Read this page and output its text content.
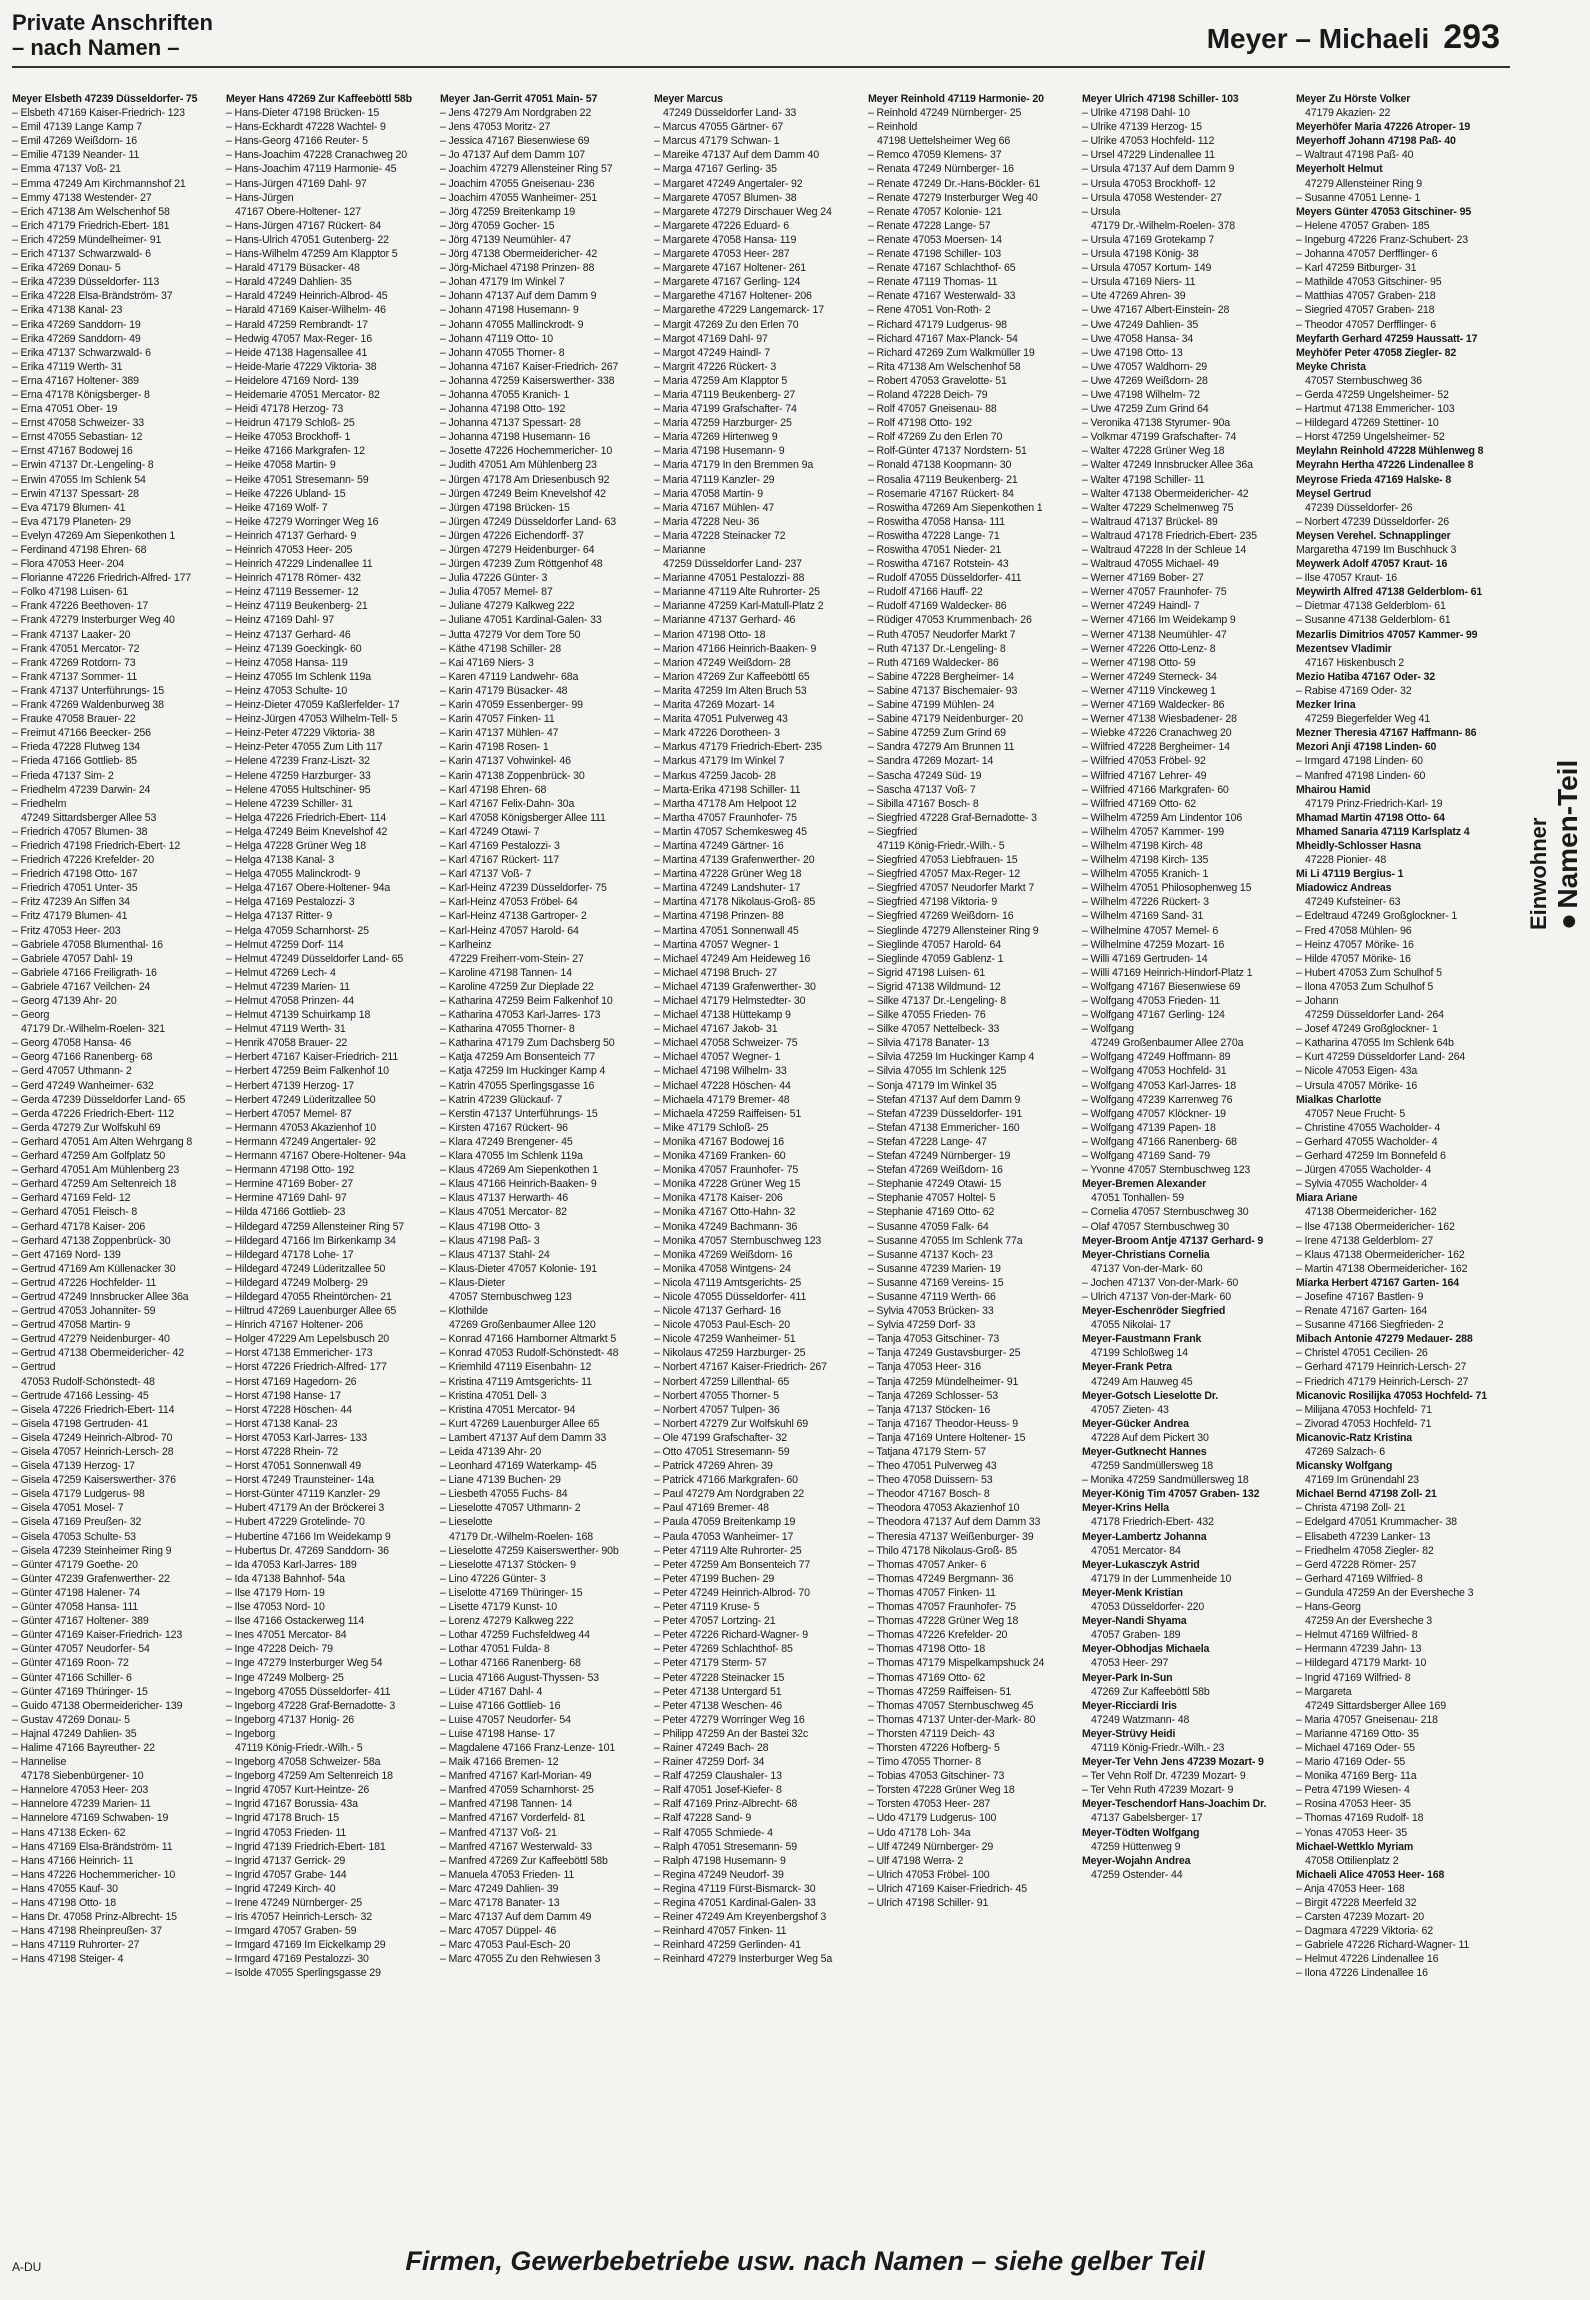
Private Anschriften
– nach Namen –	Meyer – Michaeli 293
Meyer Elsbeth 47239 Düsseldorfer- 75
– Elsbeth 47169 Kaiser-Friedrich- 123
– Emil 47139 Lange Kamp 7
– Emil 47269 Weißdorn- 16
– Emilie 47139 Neander- 11
– Emma 47137 Voß- 21
– Emma 47249 Am Kirchmannshof 21
– Emmy 47138 Westender- 27
– Erich 47138 Am Welschenhof 58
– Erich 47179 Friedrich-Ebert- 181
– Erich 47259 Mündelheimer- 91
– Erich 47137 Schwarzwald- 6
– Erika 47269 Donau- 5
– Erika 47239 Düsseldorfer- 113
– Erika 47228 Elsa-Brändström- 37
– Erika 47138 Kanal- 23
– Erika 47269 Sanddorn- 19
– Erika 47269 Sanddorn- 49
– Erika 47137 Schwarzwald- 6
– Erika 47119 Werth- 31
– Erna 47167 Holtener- 389
– Erna 47178 Königsberger- 8
– Erna 47051 Ober- 19
– Ernst 47058 Schweizer- 33
– Ernst 47055 Sebastian- 12
– Ernst 47167 Bodowej 16
– Erwin 47137 Dr.-Lengeling- 8
– Erwin 47055 Im Schlenk 54
– Erwin 47137 Spessart- 28
– Eva 47179 Blumen- 41
– Eva 47179 Planeten- 29
– Evelyn 47269 Am Siepenkothen 1
– Ferdinand 47198 Ehren- 68
– Flora 47053 Heer- 204
– Florianne 47226 Friedrich-Alfred- 177
– Folko 47198 Luisen- 61
– Frank 47226 Beethoven- 17
– Frank 47279 Insterburger Weg 40
– Frank 47137 Laaker- 20
– Frank 47051 Mercator- 72
– Frank 47269 Rotdorn- 73
– Frank 47137 Sommer- 11
– Frank 47137 Unterführungs- 15
– Frank 47269 Waldenburweg 38
– Frauke 47058 Brauer- 22
– Freimut 47166 Beecker- 256
– Frieda 47228 Flutweg 134
– Frieda 47166 Gottlieb- 85
– Frieda 47137 Sim- 2
– Friedhelm 47239 Darwin- 24
– Friedhelm
47249 Sittardsberger Allee 53
– Friedrich 47057 Blumen- 38
– Friedrich 47198 Friedrich-Ebert- 12
– Friedrich 47226 Krefelder- 20
– Friedrich 47198 Otto- 167
– Friedrich 47051 Unter- 35
– Fritz 47239 An Siffen 34
– Fritz 47179 Blumen- 41
– Fritz 47053 Heer- 203
– Gabriele 47058 Blumenthal- 16
– Gabriele 47057 Dahl- 19
– Gabriele 47166 Freiligrath- 16
– Gabriele 47167 Veilchen- 24
– Georg 47139 Ahr- 20
– Georg
47179 Dr.-Wilhelm-Roelen- 321
– Georg 47058 Hansa- 46
– Georg 47166 Ranenberg- 68
– Gerd 47057 Uthmann- 2
– Gerd 47249 Wanheimer- 632
– Gerda 47239 Düsseldorfer Land- 65
– Gerda 47226 Friedrich-Ebert- 112
– Gerda 47279 Zur Wolfskuhl 69
– Gerhard 47051 Am Alten Wehrgang 8
– Gerhard 47259 Am Golfplatz 50
– Gerhard 47051 Am Mühlenberg 23
– Gerhard 47259 Am Seltenreich 18
– Gerhard 47169 Feld- 12
– Gerhard 47051 Fleisch- 8
– Gerhard 47178 Kaiser- 206
– Gerhard 47138 Zoppenbrück- 30
– Gert 47169 Nord- 139
– Gertrud 47169 Am Küllenacker 30
– Gertrud 47226 Hochfelder- 11
– Gertrud 47249 Innsbrucker Allee 36a
– Gertrud 47053 Johanniter- 59
– Gertrud 47058 Martin- 9
– Gertrud 47279 Neidenburger- 40
– Gertrud 47138 Obermeidericher- 42
– Gertrud
47053 Rudolf-Schönstedt- 48
– Gertrude 47166 Lessing- 45
– Gisela 47226 Friedrich-Ebert- 114
– Gisela 47198 Gertruden- 41
– Gisela 47249 Heinrich-Albrod- 70
– Gisela 47057 Heinrich-Lersch- 28
– Gisela 47139 Herzog- 17
– Gisela 47259 Kaiserswerther- 376
– Gisela 47179 Ludgerus- 98
– Gisela 47051 Mosel- 7
– Gisela 47169 Preußen- 32
– Gisela 47053 Schulte- 53
– Gisela 47239 Steinheimer Ring 9
– Günter 47179 Goethe- 20
– Günter 47239 Grafenwerther- 22
– Günter 47198 Halener- 74
– Günter 47058 Hansa- 111
– Günter 47167 Holtener- 389
– Günter 47169 Kaiser-Friedrich- 123
– Günter 47057 Neudorfer- 54
– Günter 47169 Roon- 72
– Günter 47166 Schiller- 6
– Günter 47169 Thüringer- 15
– Guido 47138 Obermeidericher- 139
– Gustav 47269 Donau- 5
– Hajnal 47249 Dahlien- 35
– Halime 47166 Bayreuther- 22
– Hannelise
47178 Siebenbürgener- 10
– Hannelore 47053 Heer- 203
– Hannelore 47239 Marien- 11
– Hannelore 47169 Schwaben- 19
– Hans 47138 Ecken- 62
– Hans 47169 Elsa-Brändström- 11
– Hans 47166 Heinrich- 11
– Hans 47226 Hochemmericher- 10
– Hans 47055 Kauf- 30
– Hans 47198 Otto- 18
– Hans Dr. 47058 Prinz-Albrecht- 15
– Hans 47198 Rheinpreußen- 37
– Hans 47119 Ruhrorter- 27
– Hans 47198 Steiger- 4
Meyer Hans 47269 Zur Kaffeeböttl 58b
– Hans-Dieter 47198 Brücken- 15
– Hans-Eckhardt 47228 Wachtel- 9
– Hans-Georg 47166 Reuter- 5
– Hans-Joachim 47228 Cranachweg 20
– Hans-Joachim 47119 Harmonie- 45
– Hans-Jürgen 47169 Dahl- 97
– Hans-Jürgen
47167 Obere-Holtener- 127
– Hans-Jürgen 47167 Rückert- 84
– Hans-Ulrich 47051 Gutenberg- 22
– Hans-Wilhelm 47259 Am Klapptor 5
– Harald 47179 Büsacker- 48
– Harald 47249 Dahlien- 35
– Harald 47249 Heinrich-Albrod- 45
– Harald 47169 Kaiser-Wilhelm- 46
– Harald 47259 Rembrandt- 17
– Hedwig 47057 Max-Reger- 16
– Heide 47138 Hagensallee 41
– Heide-Marie 47229 Viktoria- 38
– Heidelore 47169 Nord- 139
– Heidemarie 47051 Mercator- 82
– Heidi 47178 Herzog- 73
– Heidrun 47179 Schloß- 25
– Heike 47053 Brockhoff- 1
– Heike 47166 Markgrafen- 12
– Heike 47058 Martin- 9
– Heike 47051 Stresemann- 59
– Heike 47226 Ubland- 15
– Heike 47169 Wolf- 7
– Heike 47279 Worringer Weg 16
– Heinrich 47137 Gerhard- 9
– Heinrich 47053 Heer- 205
– Heinrich 47229 Lindenallee 11
– Heinrich 47178 Römer- 432
– Heinz 47119 Bessemer- 12
– Heinz 47119 Beukenberg- 21
– Heinz 47169 Dahl- 97
– Heinz 47137 Gerhard- 46
– Heinz 47139 Goeckingk- 60
– Heinz 47058 Hansa- 119
– Heinz 47055 Im Schlenk 119a
– Heinz 47053 Schulte- 10
– Heinz-Dieter 47059 Kaßlerfelder- 17
– Heinz-Jürgen 47053 Wilhelm-Tell- 5
– Heinz-Peter 47229 Viktoria- 38
– Heinz-Peter 47055 Zum Lith 117
– Helene 47239 Franz-Liszt- 32
– Helene 47259 Harzburger- 33
– Helene 47055 Hultschiner- 95
– Helene 47239 Schiller- 31
– Helga 47226 Friedrich-Ebert- 114
– Helga 47249 Beim Knevelshof 42
– Helga 47228 Grüner Weg 18
– Helga 47138 Kanal- 3
– Helga 47055 Malinckrodt- 9
– Helga 47167 Obere-Holtener- 94a
– Helga 47169 Pestalozzi- 3
– Helga 47137 Ritter- 9
– Helga 47059 Scharnhorst- 25
– Helmut 47259 Dorf- 114
– Helmut 47249 Düsseldorfer Land- 65
– Helmut 47269 Lech- 4
– Helmut 47239 Marien- 11
– Helmut 47058 Prinzen- 44
– Helmut 47139 Schuirkamp 18
– Helmut 47119 Werth- 31
– Henrik 47058 Brauer- 22
– Herbert 47167 Kaiser-Friedrich- 211
– Herbert 47259 Beim Falkenhof 10
– Herbert 47139 Herzog- 17
– Herbert 47249 Lüderitzallee 50
– Herbert 47057 Memel- 87
– Hermann 47053 Akazienhof 10
– Hermann 47249 Angertaler- 92
– Hermann 47167 Obere-Holtener- 94a
– Hermann 47198 Otto- 192
– Hermine 47169 Bober- 27
– Hermine 47169 Dahl- 97
– Hilda 47166 Gottlieb- 23
– Hildegard 47259 Allensteiner Ring 57
– Hildegard 47166 Im Birkenkamp 34
– Hildegard 47178 Lohe- 17
– Hildegard 47249 Lüderitzallee 50
– Hildegard 47249 Molberg- 29
– Hildegard 47055 Rheintörchen- 21
– Hiltrud 47269 Lauenburger Allee 65
– Hinrich 47167 Holtener- 206
– Holger 47229 Am Lepelsbusch 20
– Horst 47138 Emmericher- 173
– Horst 47226 Friedrich-Alfred- 177
– Horst 47169 Hagedorn- 26
– Horst 47198 Hanse- 17
– Horst 47228 Höschen- 44
– Horst 47138 Kanal- 23
– Horst 47053 Karl-Jarres- 133
– Horst 47228 Rhein- 72
– Horst 47051 Sonnenwall 49
– Horst 47249 Traunsteiner- 14a
– Horst-Günter 47119 Kanzler- 29
– Hubert 47179 An der Bröckerei 3
– Hubert 47229 Grotelinde- 70
– Hubertine 47166 Im Weidekamp 9
– Hubertus Dr. 47269 Sanddorn- 36
– Ida 47053 Karl-Jarres- 189
– Ida 47138 Bahnhof- 54a
– Ilse 47179 Horn- 19
– Ilse 47053 Nord- 10
– Ilse 47166 Ostackerweg 114
– Ines 47051 Mercator- 84
– Inge 47228 Deich- 79
– Inge 47279 Insterburger Weg 54
– Inge 47249 Molberg- 25
– Ingeborg 47055 Düsseldorfer- 411
– Ingeborg 47228 Graf-Bernadotte- 3
– Ingeborg 47137 Honig- 26
– Ingeborg
47119 König-Friedr.-Wilh.- 5
– Ingeborg 47058 Schweizer- 58a
– Ingeborg 47259 Am Seltenreich 18
– Ingrid 47057 Kurt-Heintze- 26
– Ingrid 47167 Borussia- 43a
– Ingrid 47178 Bruch- 15
– Ingrid 47053 Frieden- 11
– Ingrid 47139 Friedrich-Ebert- 181
– Ingrid 47137 Gerrick- 29
– Ingrid 47057 Grabe- 144
– Ingrid 47249 Kirch- 40
– Irene 47249 Nürnberger- 25
– Iris 47057 Heinrich-Lersch- 32
– Irmgard 47057 Graben- 59
– Irmgard 47169 Im Eickelkamp 29
– Irmgard 47169 Pestalozzi- 30
– Isolde 47055 Sperlingsgasse 29
Meyer Jan-Gerrit 47051 Main- 57
– Jens 47279 Am Nordgraben 22
– Jens 47053 Moritz- 27
– Jessica 47167 Biesenwiese 69
– Jo 47137 Auf dem Damm 107
– Joachim 47279 Allensteiner Ring 57
– Joachim 47055 Gneisenau- 236
– Joachim 47055 Wanheimer- 251
– Jörg 47259 Breitenkamp 19
– Jörg 47059 Gocher- 15
– Jörg 47139 Neumühler- 47
– Jörg 47138 Obermeidericher- 42
– Jörg-Michael 47198 Prinzen- 88
– Johan 47179 Im Winkel 7
– Johann 47137 Auf dem Damm 9
– Johann 47198 Husemann- 9
– Johann 47055 Mallinckrodt- 9
– Johann 47119 Otto- 10
– Johann 47055 Thorner- 8
– Johanna 47167 Kaiser-Friedrich- 267
– Johanna 47259 Kaiserswerther- 338
– Johanna 47055 Kranich- 1
– Johanna 47198 Otto- 192
– Johanna 47137 Spessart- 28
– Johanna 47198 Husemann- 16
– Josette 47226 Hochemmericher- 10
– Judith 47051 Am Mühlenberg 23
– Jürgen 47178 Am Driesenbusch 92
– Jürgen 47249 Beim Knevelshof 42
– Jürgen 47198 Brücken- 15
– Jürgen 47249 Düsseldorfer Land- 63
– Jürgen 47226 Eichendorff- 37
– Jürgen 47279 Heidenburger- 64
– Jürgen 47239 Zum Röttgenhof 48
– Julia 47226 Günter- 3
– Julia 47057 Memel- 87
– Juliane 47279 Kalkweg 222
– Juliane 47051 Kardinal-Galen- 33
– Jutta 47279 Vor dem Tore 50
– Käthe 47198 Schiller- 28
– Kai 47169 Niers- 3
– Karen 47119 Landwehr- 68a
– Karin 47179 Büsacker- 48
– Karin 47059 Essenberger- 99
– Karin 47057 Finken- 11
– Karin 47137 Mühlen- 47
– Karin 47198 Rosen- 1
– Karin 47137 Vohwinkel- 46
– Karin 47138 Zoppenbrück- 30
– Karl 47198 Ehren- 68
– Karl 47167 Felix-Dahn- 30a
– Karl 47058 Königsberger Allee 111
– Karl 47249 Otawi- 7
– Karl 47169 Pestalozzi- 3
– Karl 47167 Rückert- 117
– Karl 47137 Voß- 7
– Karl-Heinz 47239 Düsseldorfer- 75
– Karl-Heinz 47053 Fröbel- 64
– Karl-Heinz 47138 Gartroper- 2
– Karl-Heinz 47057 Harold- 64
– Karlheinz
47229 Freiherr-vom-Stein- 27
– Karoline 47198 Tannen- 14
– Karoline 47259 Zur Dieplade 22
– Katharina 47259 Beim Falkenhof 10
– Katharina 47053 Karl-Jarres- 173
– Katharina 47055 Thorner- 8
– Katharina 47179 Zum Dachsberg 50
– Katja 47259 Am Bonsenteich 77
– Katja 47259 Im Huckinger Kamp 4
– Katrin 47055 Sperlingsgasse 16
– Katrin 47239 Glückauf- 7
– Kerstin 47137 Unterführungs- 15
– Kirsten 47167 Rückert- 96
– Klara 47249 Brengener- 45
– Klara 47055 Im Schlenk 119a
– Klaus 47269 Am Siepenkothen 1
– Klaus 47166 Heinrich-Baaken- 9
– Klaus 47137 Herwarth- 46
– Klaus 47051 Mercator- 82
– Klaus 47198 Otto- 3
– Klaus 47198 Paß- 3
– Klaus 47137 Stahl- 24
– Klaus-Dieter 47057 Kolonie- 191
– Klaus-Dieter
47057 Sternbuschweg 123
– Klothilde
47269 Großenbaumer Allee 120
– Konrad 47166 Hamborner Altmarkt 5
– Konrad 47053 Rudolf-Schönstedt- 48
– Kriemhild 47119 Eisenbahn- 12
– Kristina 47119 Amtsgerichts- 11
– Kristina 47051 Dell- 3
– Kristina 47051 Mercator- 94
– Kurt 47269 Lauenburger Allee 65
– Lambert 47137 Auf dem Damm 33
– Leida 47139 Ahr- 20
– Leonhard 47169 Waterkamp- 45
– Liane 47139 Buchen- 29
– Liesbeth 47055 Fuchs- 84
– Lieselotte 47057 Uthmann- 2
– Lieselotte
47179 Dr.-Wilhelm-Roelen- 168
– Lieselotte 47259 Kaiserswerther- 90b
– Lieselotte 47137 Stöcken- 9
– Lino 47226 Günter- 3
– Liselotte 47169 Thüringer- 15
– Lisette 47179 Kunst- 10
– Lorenz 47279 Kalkweg 222
– Lothar 47259 Fuchsfeldweg 44
– Lothar 47051 Fulda- 8
– Lothar 47166 Ranenberg- 68
– Lucia 47166 August-Thyssen- 53
– Lüder 47167 Dahl- 4
– Luise 47166 Gottlieb- 16
– Luise 47057 Neudorfer- 54
– Luise 47198 Hanse- 17
– Magdalene 47166 Franz-Lenze- 101
– Maik 47166 Bremen- 12
– Manfred 47167 Karl-Morian- 49
– Manfred 47059 Scharnhorst- 25
– Manfred 47198 Tannen- 14
– Manfred 47167 Vorderfeld- 81
– Manfred 47137 Voß- 21
– Manfred 47167 Westerwald- 33
– Manfred 47269 Zur Kaffeeböttl 58b
– Manuela 47053 Frieden- 11
– Marc 47249 Dahlien- 39
– Marc 47178 Banater- 13
– Marc 47137 Auf dem Damm 49
– Marc 47057 Düppel- 46
– Marc 47053 Paul-Esch- 20
– Marc 47055 Zu den Rehwiesen 3
Meyer Marcus
47249 Düsseldorfer Land- 33
– Marcus 47055 Gärtner- 67
– Marcus 47179 Schwan- 1
– Mareike 47137 Auf dem Damm 40
– Marga 47167 Gerling- 35
– Margaret 47249 Angertaler- 92
– Margarete 47057 Blumen- 38
– Margarete 47279 Dirschauer Weg 24
– Margarete 47226 Eduard- 6
– Margarete 47058 Hansa- 119
– Margarete 47053 Heer- 287
– Margarete 47167 Holtener- 261
– Margarete 47167 Gerling- 124
– Margarethe 47167 Holtener- 206
– Margarethe 47229 Langemarck- 17
– Margit 47269 Zu den Erlen 70
– Margot 47169 Dahl- 97
– Margot 47249 Haindl- 7
– Margrit 47226 Rückert- 3
– Maria 47259 Am Klapptor 5
– Maria 47119 Beukenberg- 27
– Maria 47199 Grafschafter- 74
– Maria 47259 Harzburger- 25
– Maria 47269 Hirtenweg 9
– Maria 47198 Husemann- 9
– Maria 47179 In den Bremmen 9a
– Maria 47119 Kanzler- 29
– Maria 47058 Martin- 9
– Maria 47167 Mühlen- 47
– Maria 47228 Neu- 36
– Maria 47228 Steinacker 72
– Marianne
47259 Düsseldorfer Land- 237
– Marianne 47051 Pestalozzi- 88
– Marianne 47119 Alte Ruhrorter- 25
– Marianne 47259 Karl-Matull-Platz 2
– Marianne 47137 Gerhard- 46
– Marion 47198 Otto- 18
– Marion 47166 Heinrich-Baaken- 9
– Marion 47249 Weißdorn- 28
– Marion 47269 Zur Kaffeeböttl 65
– Marita 47259 Im Alten Bruch 53
– Marita 47269 Mozart- 14
– Marita 47051 Pulverweg 43
– Mark 47226 Dorotheen- 3
– Markus 47179 Friedrich-Ebert- 235
– Markus 47179 Im Winkel 7
– Markus 47259 Jacob- 28
– Marta-Erika 47198 Schiller- 11
– Martha 47178 Am Helpoot 12
– Martha 47057 Fraunhofer- 75
– Martin 47057 Schemkesweg 45
– Martina 47249 Gärtner- 16
– Martina 47139 Grafenwerther- 20
– Martina 47228 Grüner Weg 18
– Martina 47249 Landshuter- 17
– Martina 47178 Nikolaus-Groß- 85
– Martina 47198 Prinzen- 88
– Martina 47051 Sonnenwall 45
– Martina 47057 Wegner- 1
– Michael 47249 Am Heideweg 16
– Michael 47198 Bruch- 27
– Michael 47139 Grafenwerther- 30
– Michael 47179 Helmstedter- 30
– Michael 47138 Hüttekamp 9
– Michael 47167 Jakob- 31
– Michael 47058 Schweizer- 75
– Michael 47057 Wegner- 1
– Michael 47198 Wilhelm- 33
– Michael 47228 Höschen- 44
– Michaela 47179 Bremer- 48
– Michaela 47259 Raiffeisen- 51
– Mike 47179 Schloß- 25
– Monika 47167 Bodowej 16
– Monika 47169 Franken- 60
– Monika 47057 Fraunhofer- 75
– Monika 47228 Grüner Weg 15
– Monika 47178 Kaiser- 206
– Monika 47167 Otto-Hahn- 32
– Monika 47249 Bachmann- 36
– Monika 47057 Sternbuschweg 123
– Monika 47269 Weißdorn- 16
– Monika 47058 Wintgens- 24
– Nicola 47119 Amtsgerichts- 25
– Nicole 47055 Düsseldorfer- 411
– Nicole 47137 Gerhard- 16
– Nicole 47053 Paul-Esch- 20
– Nicole 47259 Wanheimer- 51
– Nikolaus 47259 Harzburger- 25
– Norbert 47167 Kaiser-Friedrich- 267
– Norbert 47259 Lillenthal- 65
– Norbert 47055 Thorner- 5
– Norbert 47057 Tulpen- 36
– Norbert 47279 Zur Wolfskuhl 69
– Ole 47199 Grafschafter- 32
– Otto 47051 Stresemann- 59
– Patrick 47269 Ahren- 39
– Patrick 47166 Markgrafen- 60
– Paul 47279 Am Nordgraben 22
– Paul 47169 Bremer- 48
– Paula 47059 Breitenkamp 19
– Paula 47053 Wanheimer- 17
– Peter 47119 Alte Ruhrorter- 25
– Peter 47259 Am Bonsenteich 77
– Peter 47199 Buchen- 29
– Peter 47249 Heinrich-Albrod- 70
– Peter 47119 Kruse- 5
– Peter 47057 Lortzing- 21
– Peter 47226 Richard-Wagner- 9
– Peter 47269 Schlachthof- 85
– Peter 47179 Sterm- 57
– Peter 47228 Steinacker 15
– Peter 47138 Untergard 51
– Peter 47138 Weschen- 46
– Peter 47279 Worringer Weg 16
– Philipp 47259 An der Bastei 32c
– Rainer 47249 Bach- 28
– Rainer 47259 Dorf- 34
– Ralf 47259 Claushaler- 13
– Ralf 47051 Josef-Kiefer- 8
– Ralf 47169 Prinz-Albrecht- 68
– Ralf 47228 Sand- 9
– Ralf 47055 Schmiede- 4
– Ralph 47051 Stresemann- 59
– Ralph 47198 Husemann- 9
– Regina 47249 Neudorf- 39
– Regina 47119 Fürst-Bismarck- 30
– Regina 47051 Kardinal-Galen- 33
– Reiner 47249 Am Kreyenbergshof 3
– Reinhard 47057 Finken- 11
– Reinhard 47259 Gerlinden- 41
– Reinhard 47279 Insterburger Weg 5a
Meyer Reinhold 47119 Harmonie- 20
– Reinhold 47249 Nürnberger- 25
– Reinhold
47198 Uettelsheimer Weg 66
– Remco 47059 Klemens- 37
– Renata 47249 Nürnberger- 16
– Renate 47249 Dr.-Hans-Böckler- 61
– Renate 47279 Insterburger Weg 40
– Renate 47057 Kolonie- 121
– Renate 47228 Lange- 57
– Renate 47053 Moersen- 14
– Renate 47198 Schiller- 103
– Renate 47167 Schlachthof- 65
– Renate 47119 Thomas- 11
– Renate 47167 Westerwald- 33
– Rene 47051 Von-Roth- 2
– Richard 47179 Ludgerus- 98
– Richard 47167 Max-Planck- 54
– Richard 47269 Zum Walkmüller 19
– Rita 47138 Am Welschenhof 58
– Robert 47053 Gravelotte- 51
– Roland 47228 Deich- 79
– Rolf 47057 Gneisenau- 88
– Rolf 47198 Otto- 192
– Rolf 47269 Zu den Erlen 70
– Rolf-Günter 47137 Nordstern- 51
– Ronald 47138 Koopmann- 30
– Rosalia 47119 Beukenberg- 21
– Rosemarie 47167 Rückert- 84
– Roswitha 47269 Am Siepenkothen 1
– Roswitha 47058 Hansa- 111
– Roswitha 47228 Lange- 71
– Roswitha 47051 Nieder- 21
– Roswitha 47167 Rotstein- 43
– Rudolf 47055 Düsseldorfer- 411
– Rudolf 47166 Hauff- 22
– Rudolf 47169 Waldecker- 86
– Rüdiger 47053 Krummenbach- 26
– Ruth 47057 Neudorfer Markt 7
– Ruth 47137 Dr.-Lengeling- 8
– Ruth 47169 Waldecker- 86
– Sabine 47228 Bergheimer- 14
– Sabine 47137 Bischemaier- 93
– Sabine 47199 Mühlen- 24
– Sabine 47179 Neidenburger- 20
– Sabine 47259 Zum Grind 69
– Sandra 47279 Am Brunnen 11
– Sandra 47269 Mozart- 14
– Sascha 47249 Süd- 19
– Sascha 47137 Voß- 7
– Sibilla 47167 Bosch- 8
– Siegfried 47228 Graf-Bernadotte- 3
– Siegfried
47119 König-Friedr.-Wilh.- 5
– Siegfried 47053 Liebfrauen- 15
– Siegfried 47057 Max-Reger- 12
– Siegfried 47057 Neudorfer Markt 7
– Siegfried 47198 Viktoria- 9
– Siegfried 47269 Weißdorn- 16
– Sieglinde 47279 Allensteiner Ring 9
– Sieglinde 47057 Harold- 64
– Sieglinde 47059 Gablenz- 1
– Sigrid 47198 Luisen- 61
– Sigrid 47138 Wildmund- 12
– Silke 47137 Dr.-Lengeling- 8
– Silke 47055 Frieden- 76
– Silke 47057 Nettelbeck- 33
– Silvia 47178 Banater- 13
– Silvia 47259 Im Huckinger Kamp 4
– Silvia 47055 Im Schlenk 125
– Sonja 47179 Im Winkel 35
– Stefan 47137 Auf dem Damm 9
– Stefan 47239 Düsseldorfer- 191
– Stefan 47138 Emmericher- 160
– Stefan 47228 Lange- 47
– Stefan 47249 Nürnberger- 19
– Stefan 47269 Weißdorn- 16
– Stephanie 47249 Otawi- 15
– Stephanie 47057 Holtel- 5
– Stephanie 47169 Otto- 62
– Susanne 47059 Falk- 64
– Susanne 47055 Im Schlenk 77a
– Susanne 47137 Koch- 23
– Susanne 47239 Marien- 19
– Susanne 47169 Vereins- 15
– Susanne 47119 Werth- 66
– Sylvia 47053 Brücken- 33
– Sylvia 47259 Dorf- 33
– Tanja 47053 Gitschiner- 73
– Tanja 47249 Gustavsburger- 25
– Tanja 47053 Heer- 316
– Tanja 47259 Mündelheimer- 91
– Tanja 47269 Schlosser- 53
– Tanja 47137 Stöcken- 16
– Tanja 47167 Theodor-Heuss- 9
– Tanja 47169 Untere Holtener- 15
– Tatjana 47179 Stern- 57
– Theo 47051 Pulverweg 43
– Theo 47058 Duissern- 53
– Theodor 47167 Bosch- 8
– Theodora 47053 Akazienhof 10
– Theodora 47137 Auf dem Damm 33
– Theresia 47137 Weißenburger- 39
– Thilo 47178 Nikolaus-Groß- 85
– Thomas 47057 Anker- 6
– Thomas 47249 Bergmann- 36
– Thomas 47057 Finken- 11
– Thomas 47057 Fraunhofer- 75
– Thomas 47228 Grüner Weg 18
– Thomas 47226 Krefelder- 20
– Thomas 47198 Otto- 18
– Thomas 47179 Mispelkampshuck 24
– Thomas 47169 Otto- 62
– Thomas 47259 Raiffeisen- 51
– Thomas 47057 Sternbuschweg 45
– Thomas 47137 Unter-der-Mark- 80
– Thorsten 47119 Deich- 43
– Thorsten 47226 Hofberg- 5
– Timo 47055 Thorner- 8
– Tobias 47053 Gitschiner- 73
– Torsten 47228 Grüner Weg 18
– Torsten 47053 Heer- 287
– Udo 47179 Ludgerus- 100
– Udo 47178 Loh- 34a
– Ulf 47249 Nürnberger- 29
– Ulf 47198 Werra- 2
– Ulrich 47053 Fröbel- 100
– Ulrich 47169 Kaiser-Friedrich- 45
– Ulrich 47198 Schiller- 91
Meyer Ulrich 47198 Schiller- 103
– Ulrike 47198 Dahl- 10
– Ulrike 47139 Herzog- 15
– Ulrike 47053 Hochfeld- 112
– Ursel 47229 Lindenallee 11
– Ursula 47137 Auf dem Damm 9
– Ursula 47053 Brockhoff- 12
– Ursula 47058 Westender- 27
– Ursula
47179 Dr.-Wilhelm-Roelen- 378
– Ursula 47169 Grotekamp 7
– Ursula 47198 König- 38
– Ursula 47057 Kortum- 149
– Ursula 47169 Niers- 11
– Ute 47269 Ahren- 39
– Uwe 47167 Albert-Einstein- 28
– Uwe 47249 Dahlien- 35
– Uwe 47058 Hansa- 34
– Uwe 47198 Otto- 13
– Uwe 47057 Waldhorn- 29
– Uwe 47269 Weißdorn- 28
– Uwe 47198 Wilhelm- 72
– Uwe 47259 Zum Grind 64
– Veronika 47138 Styrumer- 90a
– Volkmar 47199 Grafschafter- 74
– Walter 47228 Grüner Weg 18
– Walter 47249 Innsbrucker Allee 36a
– Walter 47198 Schiller- 11
– Walter 47138 Obermeidericher- 42
– Walter 47229 Schelmenweg 75
– Waltraud 47137 Brückel- 89
– Waltraud 47178 Friedrich-Ebert- 235
– Waltraud 47228 In der Schleue 14
– Waltraud 47055 Michael- 49
– Werner 47169 Bober- 27
– Werner 47057 Fraunhofer- 75
– Werner 47249 Haindl- 7
– Werner 47166 Im Weidekamp 9
– Werner 47138 Neumühler- 47
– Werner 47226 Otto-Lenz- 8
– Werner 47198 Otto- 59
– Werner 47249 Sterneck- 34
– Werner 47119 Vinckeweg 1
– Werner 47169 Waldecker- 86
– Werner 47138 Wiesbadener- 28
– Wiebke 47226 Cranachweg 20
– Wilfried 47228 Bergheimer- 14
– Wilfried 47053 Fröbel- 92
– Wilfried 47167 Lehrer- 49
– Wilfried 47166 Markgrafen- 60
– Wilfried 47169 Otto- 62
– Wilhelm 47259 Am Lindentor 106
– Wilhelm 47057 Kammer- 199
– Wilhelm 47198 Kirch- 48
– Wilhelm 47198 Kirch- 135
– Wilhelm 47055 Kranich- 1
– Wilhelm 47051 Philosophenweg 15
– Wilhelm 47226 Rückert- 3
– Wilhelm 47169 Sand- 31
– Wilhelmine 47057 Memel- 6
– Wilhelmine 47259 Mozart- 16
– Willi 47169 Gertruden- 14
– Willi 47169 Heinrich-Hindorf-Platz 1
– Wolfgang 47167 Biesenwiese 69
– Wolfgang 47053 Frieden- 11
– Wolfgang 47167 Gerling- 124
– Wolfgang
47249 Großenbaumer Allee 270a
– Wolfgang 47249 Hoffmann- 89
– Wolfgang 47053 Hochfeld- 31
– Wolfgang 47053 Karl-Jarres- 18
– Wolfgang 47239 Karrenweg 76
– Wolfgang 47057 Klöckner- 19
– Wolfgang 47139 Papen- 18
– Wolfgang 47166 Ranenberg- 68
– Wolfgang 47169 Sand- 79
– Yvonne 47057 Sternbuschweg 123
Meyer-Bremen Alexander
47051 Tonhallen- 59
– Cornelia 47057 Sternbuschweg 30
– Olaf 47057 Sternbuschweg 30
Meyer-Broom Antje 47137 Gerhard- 9
Meyer-Christians Cornelia
47137 Von-der-Mark- 60
– Jochen 47137 Von-der-Mark- 60
– Ulrich 47137 Von-der-Mark- 60
Meyer-Eschenröder Siegfried
47055 Nikolai- 17
Meyer-Faustmann Frank
47199 Schloßweg 14
Meyer-Frank Petra
47249 Am Hauweg 45
Meyer-Gotsch Lieselotte Dr.
47057 Zieten- 43
Meyer-Gücker Andrea
47228 Auf dem Pickert 30
Meyer-Gutknecht Hannes
47259 Sandmüllersweg 18
– Monika 47259 Sandmüllersweg 18
Meyer-König Tim 47057 Graben- 132
Meyer-Krins Hella
47178 Friedrich-Ebert- 432
Meyer-Lambertz Johanna
47051 Mercator- 84
Meyer-Lukasczyk Astrid
47179 In der Lummenheide 10
Meyer-Menk Kristian
47053 Düsseldorfer- 220
Meyer-Nandi Shyama
47057 Graben- 189
Meyer-Obhodjas Michaela
47053 Heer- 297
Meyer-Park In-Sun
47269 Zur Kaffeeböttl 58b
Meyer-Ricciardi Iris
47249 Watzmann- 48
Meyer-Strüvy Heidi
47119 König-Friedr.-Wilh.- 23
Meyer-Ter Vehn Jens 47239 Mozart- 9
– Ter Vehn Rolf Dr. 47239 Mozart- 9
– Ter Vehn Ruth 47239 Mozart- 9
Meyer-Teschendorf Hans-Joachim Dr.
47137 Gabelsberger- 17
Meyer-Tödten Wolfgang
47259 Hüttenweg 9
Meyer-Wojahn Andrea
47259 Ostender- 44
Meyer Zu Hörste Volker
47179 Akazien- 22
Meyerhöfer Maria 47226 Atroper- 19
Meyerhoff Johann 47198 Paß- 40
– Waltraut 47198 Paß- 40
Meyerholt Helmut
47279 Allensteiner Ring 9
– Susanne 47051 Lenne- 1
Meyers Günter 47053 Gitschiner- 95
– Helene 47057 Graben- 185
– Ingeburg 47226 Franz-Schubert- 23
– Johanna 47057 Derfflinger- 6
– Karl 47259 Bitburger- 31
– Mathilde 47053 Gitschiner- 95
– Matthias 47057 Graben- 218
– Siegried 47057 Graben- 218
– Theodor 47057 Derfflinger- 6
Meyfarth Gerhard 47259 Haussatt- 17
Meyhöfer Peter 47058 Ziegler- 82
Meyke Christa
47057 Sternbuschweg 36
– Gerda 47259 Ungelsheimer- 52
– Hartmut 47138 Emmericher- 103
– Hildegard 47269 Stettiner- 10
– Horst 47259 Ungelsheimer- 52
Meylahn Reinhold 47228 Mühlenweg 8
Meyrahn Hertha 47226 Lindenallee 8
Meyrose Frieda 47169 Halske- 8
Meysel Gertrud
47239 Düsseldorfer- 26
– Norbert 47239 Düsseldorfer- 26
Meysen Verehel. Schnapplinger
Margaretha 47199 Im Buschhuck 3
Meywerk Adolf 47057 Kraut- 16
– Ilse 47057 Kraut- 16
Meywirth Alfred 47138 Gelderblom- 61
– Dietmar 47138 Gelderblom- 61
– Susanne 47138 Gelderblom- 61
Mezarlis Dimitrios 47057 Kammer- 99
Mezentsev Vladimir
47167 Hiskenbusch 2
Mezio Hatiba 47167 Oder- 32
– Rabise 47169 Oder- 32
Mezker Irina
47259 Biegerfelder Weg 41
Mezner Theresia 47167 Haffmann- 86
Mezori Anji 47198 Linden- 60
– Irmgard 47198 Linden- 60
– Manfred 47198 Linden- 60
Mhairou Hamid
47179 Prinz-Friedrich-Karl- 19
Mhamad Martin 47198 Otto- 64
Mhamed Sanaria 47119 Karlsplatz 4
Mheidly-Schlosser Hasna
47228 Pionier- 48
Mi Li 47119 Bergius- 1
Miadowicz Andreas
47249 Kufsteiner- 63
– Edeltraud 47249 Großglockner- 1
– Fred 47058 Mühlen- 96
– Heinz 47057 Mörike- 16
– Hilde 47057 Mörike- 16
– Hubert 47053 Zum Schulhof 5
– Ilona 47053 Zum Schulhof 5
– Johann
47259 Düsseldorfer Land- 264
– Josef 47249 Großglockner- 1
– Katharina 47055 Im Schlenk 64b
– Kurt 47259 Düsseldorfer Land- 264
– Nicole 47053 Eigen- 43a
– Ursula 47057 Mörike- 16
Mialkas Charlotte
47057 Neue Frucht- 5
– Christine 47055 Wacholder- 4
– Gerhard 47055 Wacholder- 4
– Gerhard 47259 Im Bonnefeld 6
– Jürgen 47055 Wacholder- 4
– Sylvia 47055 Wacholder- 4
Miara Ariane
47138 Obermeidericher- 162
– Ilse 47138 Obermeidericher- 162
– Irene 47138 Gelderblom- 27
– Klaus 47138 Obermeidericher- 162
– Martin 47138 Obermeidericher- 162
Miarka Herbert 47167 Garten- 164
– Josefine 47167 Bastlen- 9
– Renate 47167 Garten- 164
– Susanne 47166 Siegfrieden- 2
Mibach Antonie 47279 Medauer- 288
– Christel 47051 Cecilien- 26
– Gerhard 47179 Heinrich-Lersch- 27
– Friedrich 47179 Heinrich-Lersch- 27
Micanovic Rosilijka 47053 Hochfeld- 71
– Milijana 47053 Hochfeld- 71
– Zivorad 47053 Hochfeld- 71
Micanovic-Ratz Kristina
47269 Salzach- 6
Micansky Wolfgang
47169 Im Grünendahl 23
Michael Bernd 47198 Zoll- 21
– Christa 47198 Zoll- 21
– Edelgard 47051 Krummacher- 38
– Elisabeth 47239 Lanker- 13
– Friedhelm 47058 Ziegler- 82
– Gerd 47228 Römer- 257
– Gerhard 47169 Wilfried- 8
– Gundula 47259 An der Eversheche 3
– Hans-Georg
47259 An der Eversheche 3
– Helmut 47169 Wilfried- 8
– Hermann 47239 Jahn- 13
– Hildegard 47179 Markt- 10
– Ingrid 47169 Wilfried- 8
– Margareta
47249 Sittardsberger Allee 169
– Maria 47057 Gneisenau- 218
– Marianne 47169 Otto- 35
– Michael 47169 Oder- 55
– Mario 47169 Oder- 55
– Monika 47169 Berg- 11a
– Petra 47199 Wiesen- 4
– Rosina 47053 Heer- 35
– Thomas 47169 Rudolf- 18
– Yonas 47053 Heer- 35
Michael-Wettklo Myriam
47058 Ottilienplatz 2
Michaeli Alice 47053 Heer- 168
– Anja 47053 Heer- 168
– Birgit 47228 Meerfeld 32
– Carsten 47239 Mozart- 20
– Dagmara 47229 Viktoria- 62
– Gabriele 47226 Richard-Wagner- 11
– Helmut 47226 Lindenallee 16
– Ilona 47226 Lindenallee 16
Einwohner
● Namen-Teil
A-DU	Firmen, Gewerbebetriebe usw. nach Namen – siehe gelber Teil
